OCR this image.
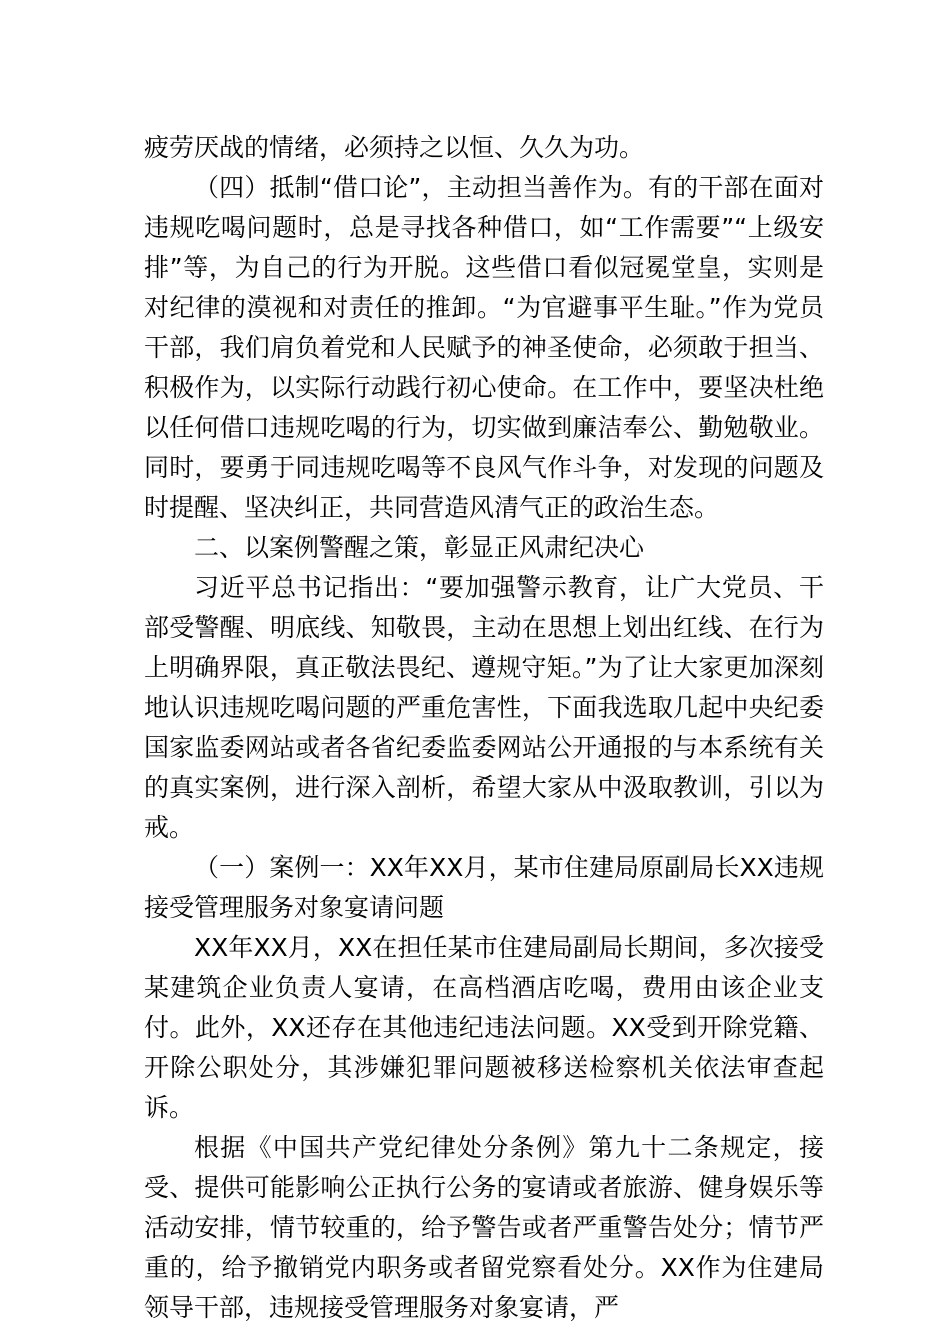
疲劳厌战的情绪，必须持之以恒、久久为功。

（四）抵制“借口论”，主动担当善作为。有的干部在面对违规吃喝问题时，总是寻找各种借口，如“工作需要”“上级安排”等，为自己的行为开脱。这些借口看似冠冕堂皇，实则是对纪律的漠视和对责任的推卸。“为官避事平生耻。”作为党员干部，我们肩负着党和人民赋予的神圣使命，必须敢于担当、积极作为，以实际行动践行初心使命。在工作中，要坚决杜绝以任何借口违规吃喝的行为，切实做到廉洁奉公、勤勉敬业。同时，要勇于同违规吃喝等不良风气作斗争，对发现的问题及时提醒、坚决纠正，共同营造风清气正的政治生态。

二、以案例警醒之策，彰显正风肃纪决心

习近平总书记指出：“要加强警示教育，让广大党员、干部受警醒、明底线、知敬畏，主动在思想上划出红线、在行为上明确界限，真正敬法畏纪、遵规守矩。”为了让大家更加深刻地认识违规吃喝问题的严重危害性，下面我选取几起中央纪委国家监委网站或者各省纪委监委网站公开通报的与本系统有关的真实案例，进行深入剖析，希望大家从中汲取教训，引以为戒。

（一）案例一：XX年XX月，某市住建局原副局长XX违规接受管理服务对象宴请问题

XX年XX月，XX在担任某市住建局副局长期间，多次接受某建筑企业负责人宴请，在高档酒店吃喝，费用由该企业支付。此外，XX还存在其他违纪违法问题。XX受到开除党籍、开除公职处分，其涉嫌犯罪问题被移送检察机关依法审查起诉。

根据《中国共产党纪律处分条例》第九十二条规定，接受、提供可能影响公正执行公务的宴请或者旅游、健身娱乐等活动安排，情节较重的，给予警告或者严重警告处分；情节严重的，给予撤销党内职务或者留党察看处分。XX作为住建局领导干部，违规接受管理服务对象宴请，严
